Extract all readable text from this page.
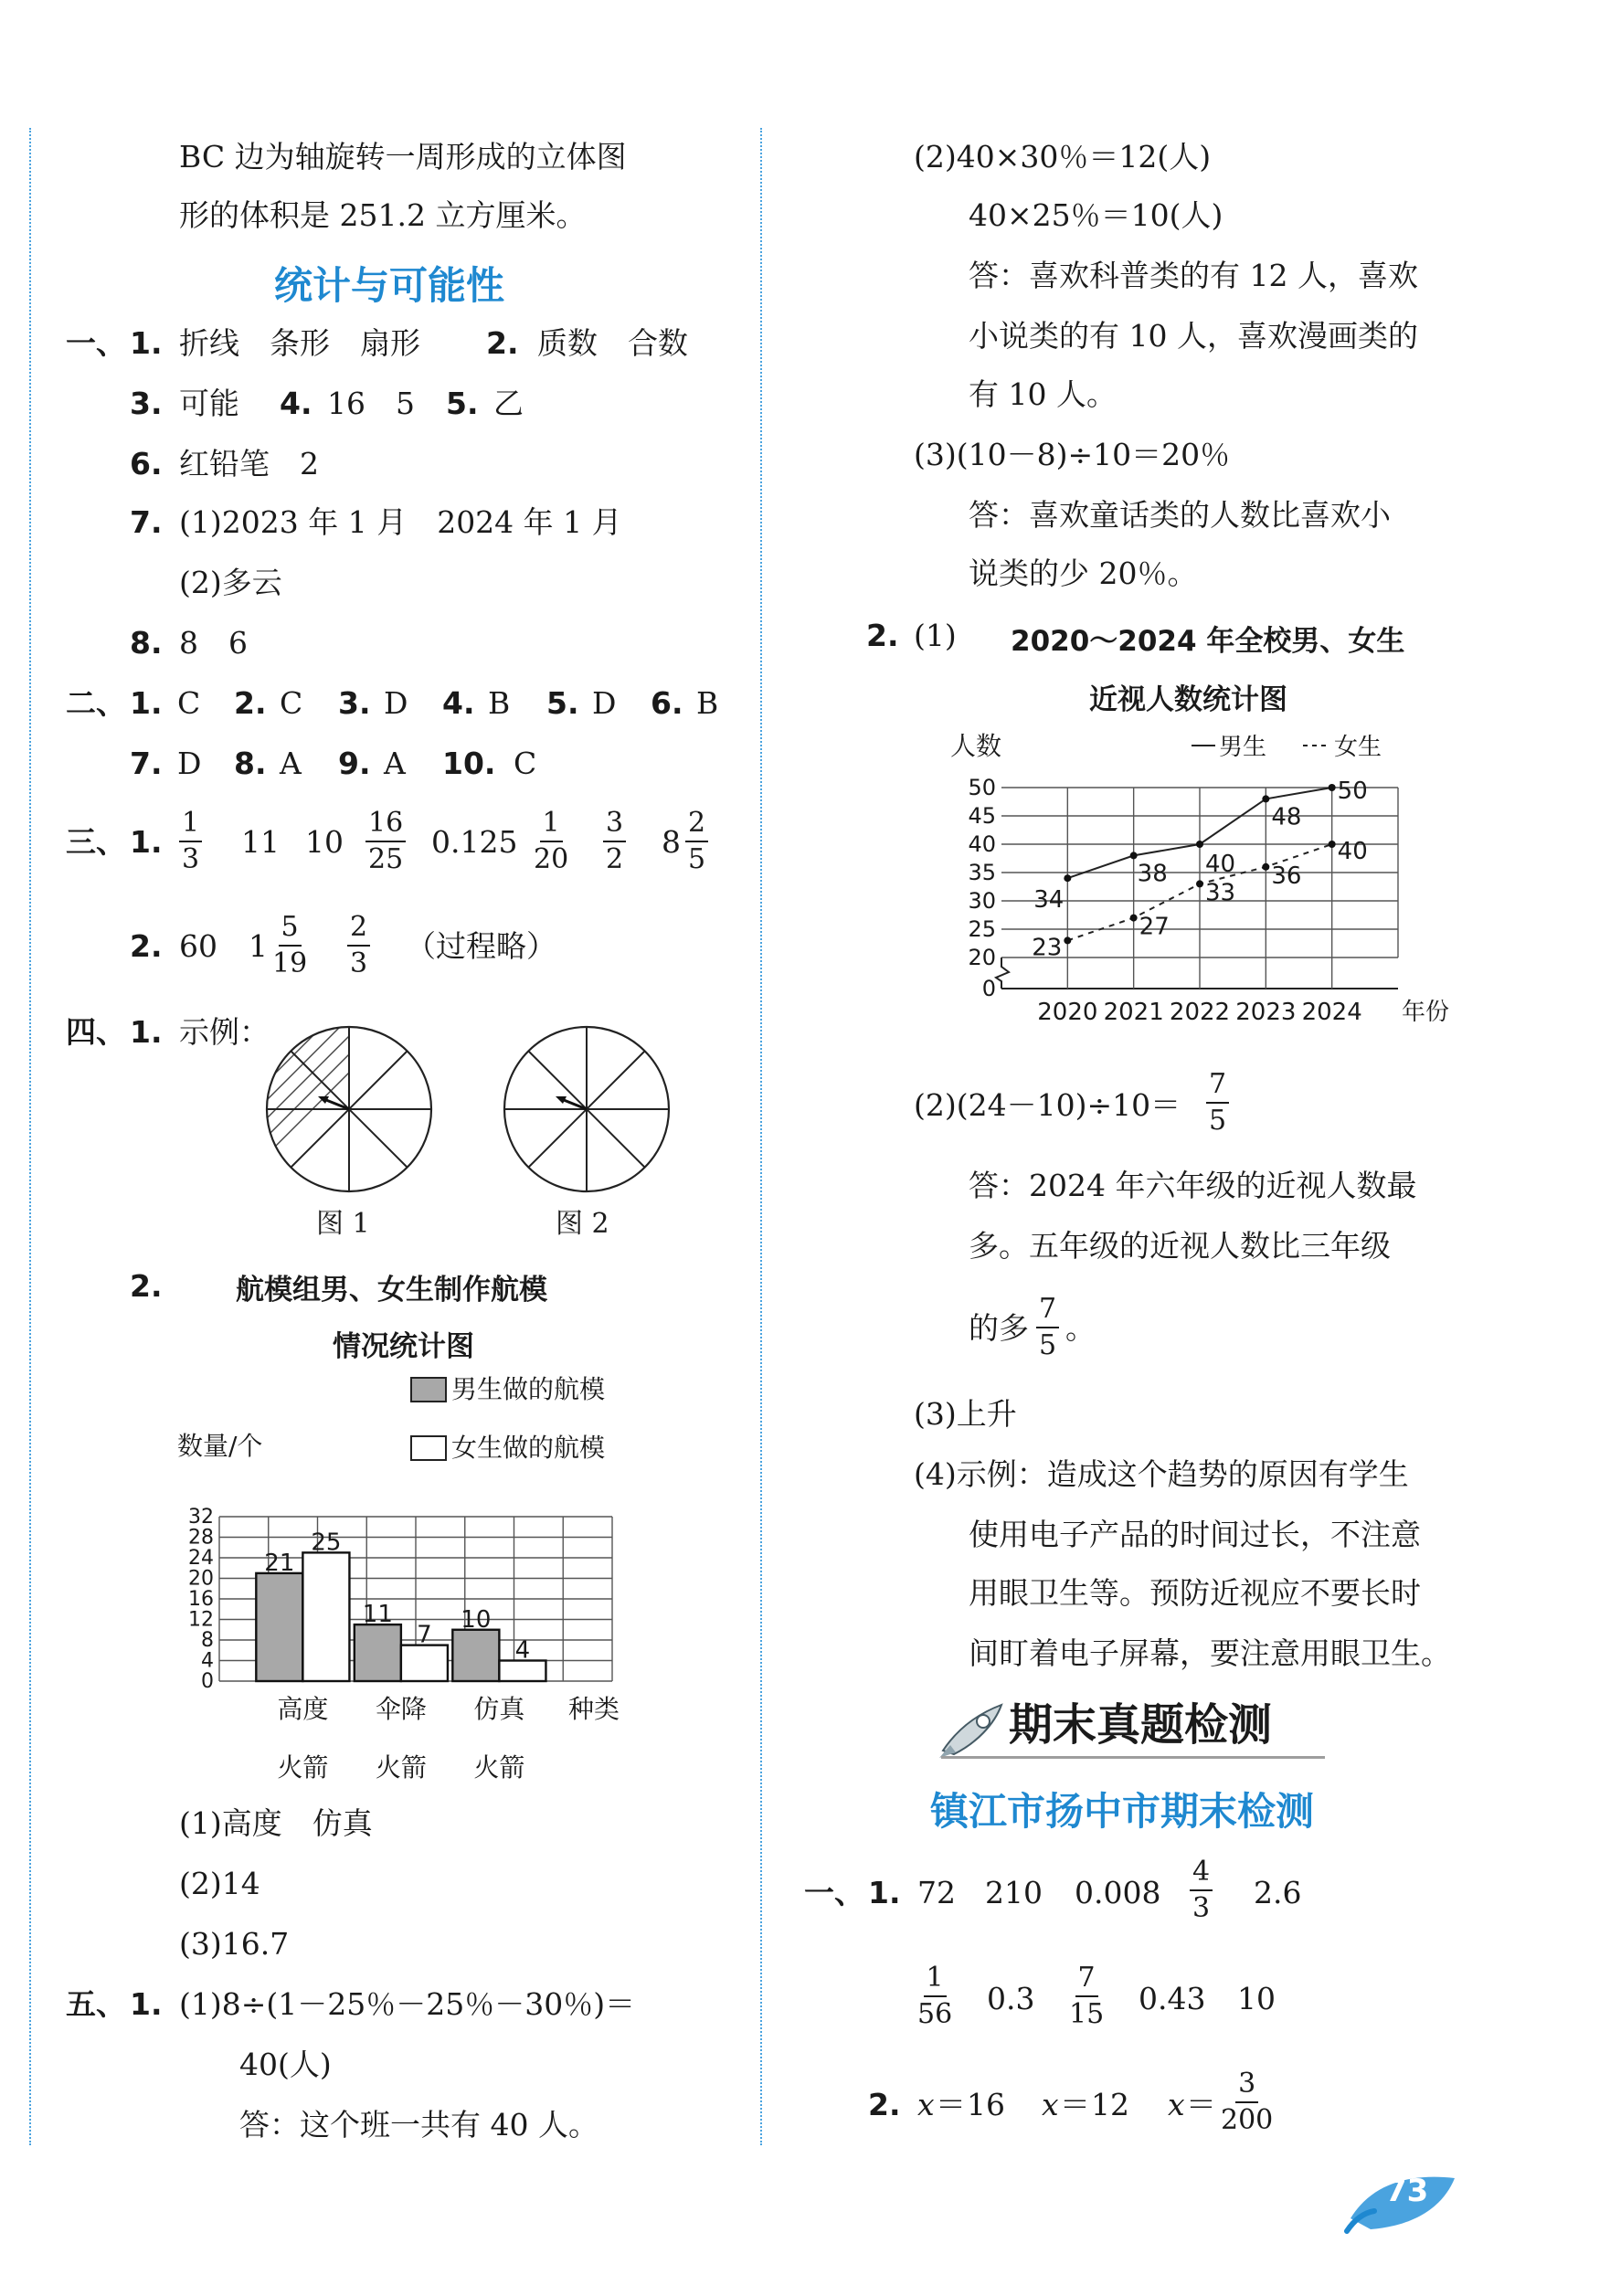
BC 边为轴旋转一周形成的立体图
形的体积是 251.2 立方厘米。
统计与可能性
一、 1. 折线　条形　扇形 2. 质数　合数
3. 可能 4. 16　5 5. 乙
6. 红铅笔　2
7. (1)2023 年 1 月　2024 年 1 月
(2)多云
8. 8　6
二、 1. C 2. C 3. D 4. B 5. D 6. B
7. D 8. A 9. A 10. C
三、 1. $\frac{1}{3} 11$ $10 \frac{16}{25} 0.125 \frac{1}{20} \frac{3}{2} 8 \frac{2}{5}$
2. 60 $1 \frac{5}{19} \frac{2}{3}$ （过程略）
四、 1. 示例：
图 1	图 2
2.	航模组男、女生制作航模
情况统计图
男生做的航模
女生做的航模
数量/个
0
4
8
12
16
20
24
28
32
21
25
高度
火箭
11
7
伞降
火箭
10
4
仿真
火箭
种类
(1)高度　仿真
(2)14
(3)16.7
五、 1. (1)8÷(1－25％－25％－30％)＝
40(人)
答：这个班一共有 40 人。
(2)40×30％＝12(人)
40×25％＝10(人)
答：喜欢科普类的有 12 人，喜欢
小说类的有 10 人，喜欢漫画类的
有 10 人。
(3)(10－8)÷10＝20％
答：喜欢童话类的人数比喜欢小
说类的少 20％。
2. (1) 2020～2024 年全校男、女生
近视人数统计图
人数	男生	女生
20
25
30
35
40
45
50
0
2020 2021 2022 2023 2024 年份
34
38 40
48
50
23
27
33
36
40
$(2)(24-10)\div 10= \frac{7}{5}$
答：2024 年六年级的近视人数最
多。五年级的近视人数比三年级
的多 $\frac{7}{5}$ 。
(3)上升
(4)示例：造成这个趋势的原因有学生
使用电子产品的时间过长，不注意
用眼卫生等。预防近视应不要长时
间盯着电子屏幕，要注意用眼卫生。
期末真题检测
镇江市扬中市期末检测
一、 1. 72 210 $0.008 \frac{4}{3} 2.6$
$\frac{1}{56} 0.3 \frac{7}{15} 0.43$ 10
2. x ＝ 16 x ＝ 12 $x = \frac{3}{200}$
73
